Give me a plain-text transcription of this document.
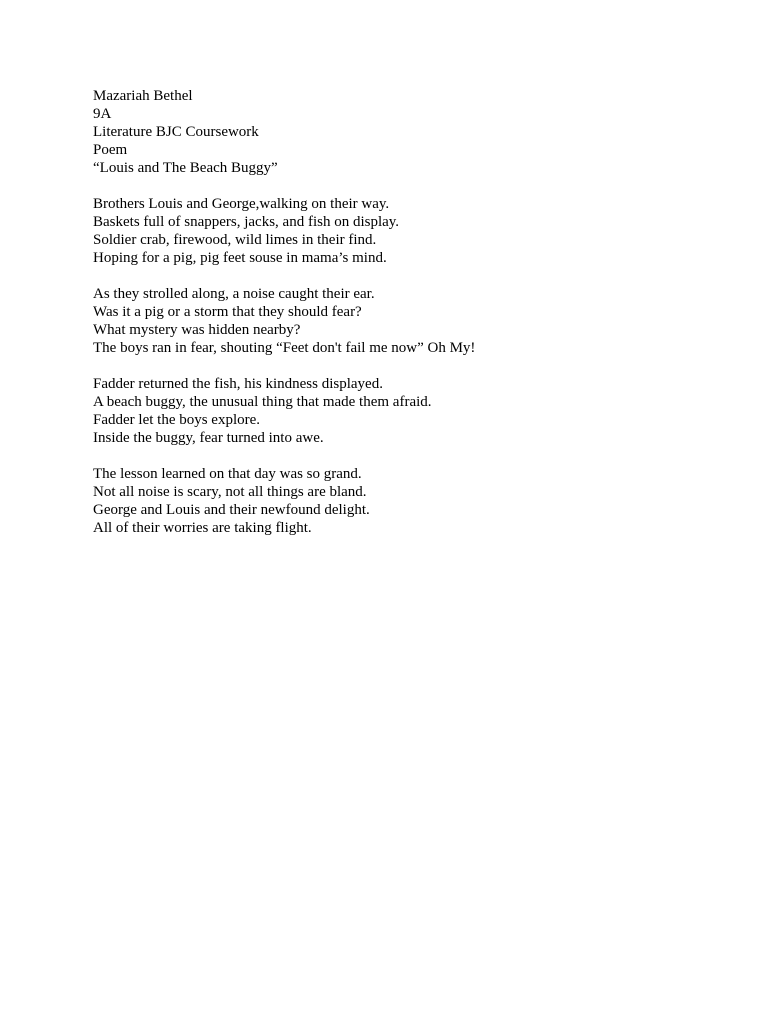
Mazariah Bethel
9A
Literature BJC Coursework
Poem
“Louis and The Beach Buggy”
Brothers Louis and George,walking on their way.
Baskets full of snappers, jacks, and fish on display.
Soldier crab, firewood, wild limes in their find.
Hoping for a pig, pig feet souse in mama’s mind.
As they strolled along, a noise caught their ear.
Was it a pig or a storm that they should fear?
What mystery was hidden nearby?
The boys ran in fear, shouting “Feet don't fail me now” Oh My!
Fadder returned the fish, his kindness displayed.
A beach buggy, the unusual thing that made them afraid.
Fadder let the boys explore.
Inside the buggy, fear turned into awe.
The lesson learned on that day was so grand.
Not all noise is scary, not all things are bland.
George and Louis and their newfound delight.
All of their worries are taking flight.
